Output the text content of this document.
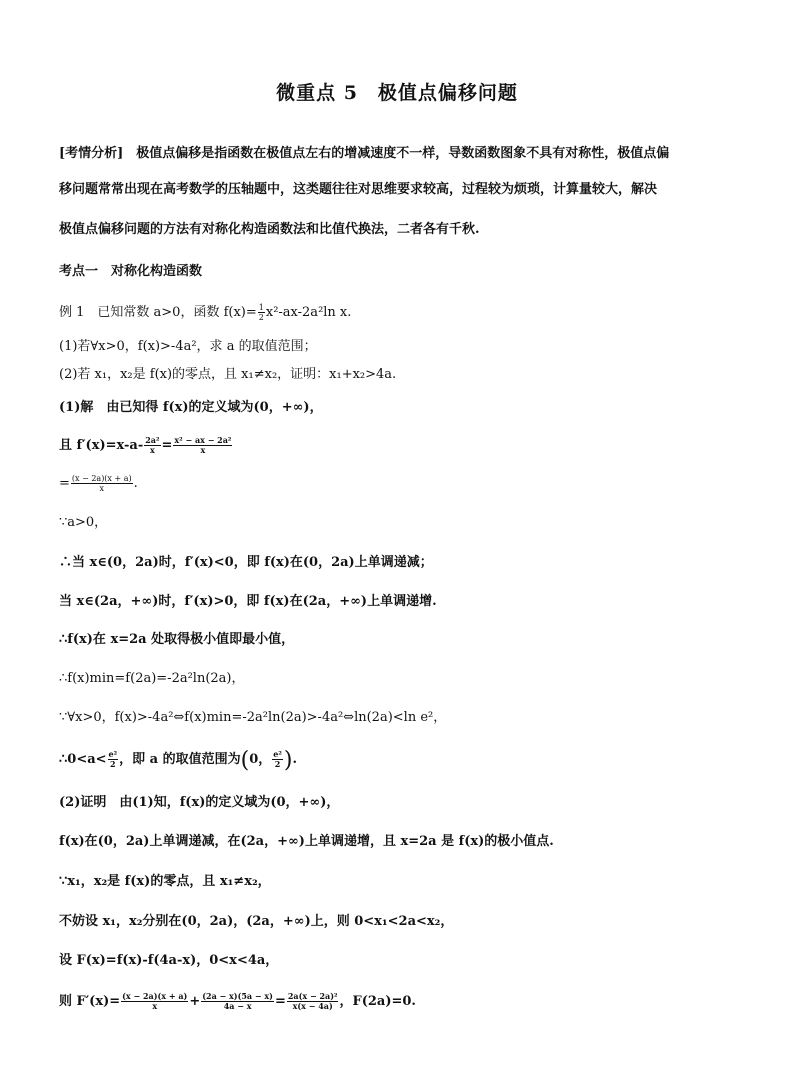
微重点 5　极值点偏移问题
[考情分析]　极值点偏移是指函数在极值点左右的增减速度不一样，导数函数图象不具有对称性，极值点偏
移问题常常出现在高考数学的压轴题中，这类题往往对思维要求较高，过程较为烦琐，计算量较大，解决
极值点偏移问题的方法有对称化构造函数法和比值代换法，二者各有千秋.
考点一　对称化构造函数
例 1　已知常数 a>0，函数 $f(x)= \frac{1}{2} x^2-ax-2a^2\ln$ x.
(1)若∀x>0，f(x)>-4a²，求 a 的取值范围；
(2)若 x₁，x₂是 f(x)的零点，且 x₁≠x₂，证明：x₁+x₂>4a.
(1)解　由已知得 f(x)的定义域为(0，+∞)，
且 $f'(x)=x-a- \frac{\text{2a²}}{x} = \frac{\text{x² − ax − 2a²}}{x}$
= $\frac{(x - 2a)(x + a)}{x}$ .
∵a>0，
∴当 x∈(0，2a)时，f′(x)<0，即 f(x)在(0，2a)上单调递减；
当 x∈(2a，+∞)时，f′(x)>0，即 f(x)在(2a，+∞)上单调递增.
∴f(x)在 x=2a 处取得极小值即最小值，
∴f(x)min=f(2a)=-2a²ln(2a)，
∵∀x>0，f(x)>-4a²⇔f(x)min=-2a²ln(2a)>-4a²⇔ln(2a)<ln e²，
∴0<a< $\frac{\text{e²}}{2}$ ，即 a 的取值范围为(0， $\frac{\text{e²}}{2}$ ).
(2)证明　由(1)知，f(x)的定义域为(0，+∞)，
f(x)在(0，2a)上单调递减，在(2a，+∞)上单调递增，且 x=2a 是 f(x)的极小值点.
∵x₁，x₂是 f(x)的零点，且 x₁≠x₂，
不妨设 x₁，x₂分别在(0，2a)，(2a，+∞)上，则 0<x₁<2a<x₂，
设 F(x)=f(x)-f(4a-x)，0<x<4a，
则 $F'(x)= \frac{(x - 2a)(x + a)}{x} + \frac{(2a - x)(5a - x)}{4a - x} = \frac{\text{2a(x − 2a)²}}{x(x - 4a)}$ ，F(2a)=0.
